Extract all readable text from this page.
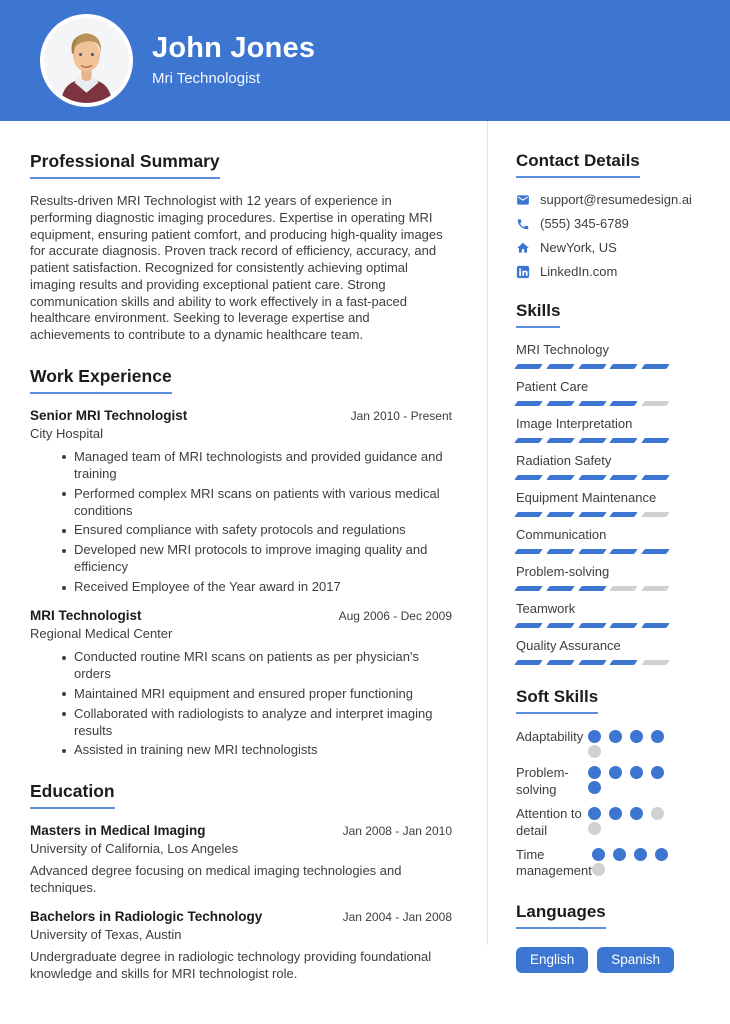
John Jones
Mri Technologist
Professional Summary

Results-driven MRI Technologist with 12 years of experience in performing diagnostic imaging procedures. Expertise in operating MRI equipment, ensuring patient comfort, and producing high-quality images for accurate diagnosis. Proven track record of efficiency, accuracy, and patient satisfaction. Recognized for consistently achieving optimal imaging results and providing exceptional patient care. Strong communication skills and ability to work effectively in a fast-paced healthcare environment. Seeking to leverage expertise and achievements to contribute to a dynamic healthcare team.

Work Experience
Senior MRI Technologist	Jan 2010 - Present
City Hospital
Managed team of MRI technologists and provided guidance and training
Performed complex MRI scans on patients with various medical conditions
Ensured compliance with safety protocols and regulations
Developed new MRI protocols to improve imaging quality and efficiency
Received Employee of the Year award in 2017
MRI Technologist	Aug 2006 - Dec 2009
Regional Medical Center
Conducted routine MRI scans on patients as per physician's orders
Maintained MRI equipment and ensured proper functioning
Collaborated with radiologists to analyze and interpret imaging results
Assisted in training new MRI technologists
Education
Masters in Medical Imaging	Jan 2008 - Jan 2010
University of California, Los Angeles

Advanced degree focusing on medical imaging technologies and techniques.

Bachelors in Radiologic Technology	Jan 2004 - Jan 2008
University of Texas, Austin

Undergraduate degree in radiologic technology providing foundational knowledge and skills for MRI technologist role.

Contact Details
support@resumedesign.ai
(555) 345-6789
NewYork, US
LinkedIn.com
Skills
MRI Technology
Patient Care
Image Interpretation
Radiation Safety
Equipment Maintenance
Communication
Problem-solving
Teamwork
Quality Assurance
Soft Skills
Adaptability
Problem-solving
Attention to detail
Time management
Languages
English	Spanish
